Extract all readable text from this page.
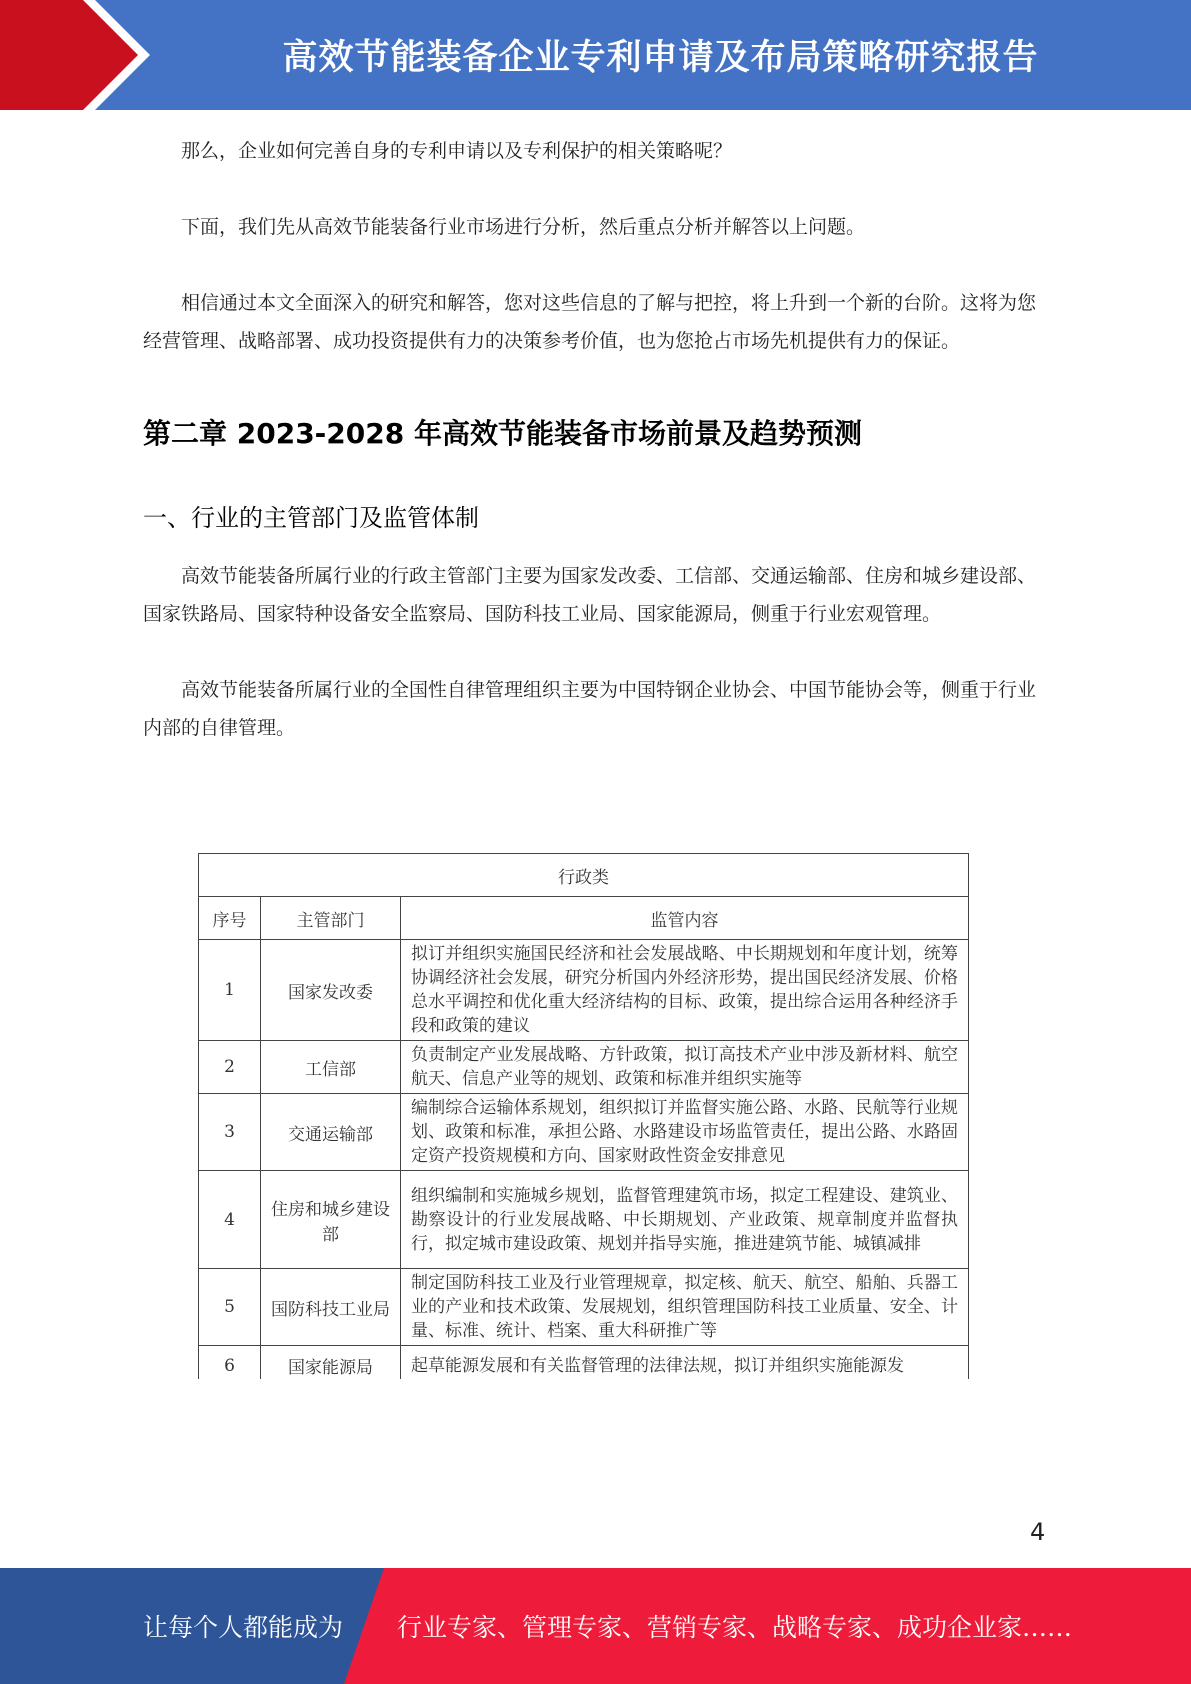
高效节能装备企业专利申请及布局策略研究报告

那么，企业如何完善自身的专利申请以及专利保护的相关策略呢？

下面，我们先从高效节能装备行业市场进行分析，然后重点分析并解答以上问题。

相信通过本文全面深入的研究和解答，您对这些信息的了解与把控，将上升到一个新的台阶。这将为您经营管理、战略部署、成功投资提供有力的决策参考价值，也为您抢占市场先机提供有力的保证。

第二章 2023-2028 年高效节能装备市场前景及趋势预测
一、行业的主管部门及监管体制

高效节能装备所属行业的行政主管部门主要为国家发改委、工信部、交通运输部、住房和城乡建设部、国家铁路局、国家特种设备安全监察局、国防科技工业局、国家能源局，侧重于行业宏观管理。

高效节能装备所属行业的全国性自律管理组织主要为中国特钢企业协会、中国节能协会等，侧重于行业内部的自律管理。

行政类		
序号	主管部门	监管内容
1	国家发改委	拟订并组织实施国民经济和社会发展战略、中长期规划和年度计划，统筹协调经济社会发展，研究分析国内外经济形势，提出国民经济发展、价格总水平调控和优化重大经济结构的目标、政策，提出综合运用各种经济手段和政策的建议
2	工信部	负责制定产业发展战略、方针政策，拟订高技术产业中涉及新材料、航空航天、信息产业等的规划、政策和标准并组织实施等
3	交通运输部	编制综合运输体系规划，组织拟订并监督实施公路、水路、民航等行业规划、政策和标准，承担公路、水路建设市场监管责任，提出公路、水路固定资产投资规模和方向、国家财政性资金安排意见
4	住房和城乡建设部	组织编制和实施城乡规划，监督管理建筑市场，拟定工程建设、建筑业、勘察设计的行业发展战略、中长期规划、产业政策、规章制度并监督执行，拟定城市建设政策、规划并指导实施，推进建筑节能、城镇减排
5	国防科技工业局	制定国防科技工业及行业管理规章，拟定核、航天、航空、船舶、兵器工业的产业和技术政策、发展规划，组织管理国防科技工业质量、安全、计量、标准、统计、档案、重大科研推广等
6	国家能源局	起草能源发展和有关监督管理的法律法规，拟订并组织实施能源发
4
让每个人都能成为 行业专家、管理专家、营销专家、战略专家、成功企业家……
